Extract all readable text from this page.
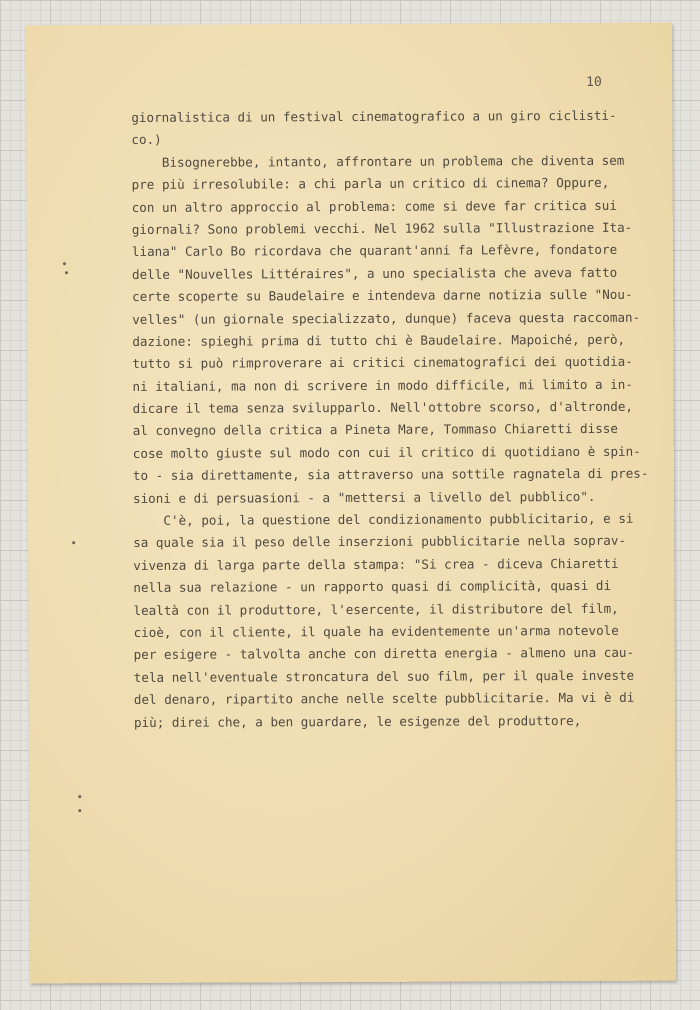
10
giornalistica di un festival cinematografico a un giro ciclisti-
co.)
Bisognerebbe, intanto, affrontare un problema che diventa sem
pre più irresolubile: a chi parla un critico di cinema? Oppure,
con un altro approccio al problema: come si deve far critica sui
giornali? Sono problemi vecchi. Nel 1962 sulla "Illustrazione Ita-
liana" Carlo Bo ricordava che quarant'anni fa Lefèvre, fondatore
delle "Nouvelles Littéraires", a uno specialista che aveva fatto
certe scoperte su Baudelaire e intendeva darne notizia sulle "Nou-
velles" (un giornale specializzato, dunque) faceva questa raccoman-
dazione: spieghi prima di tutto chi è Baudelaire. Mapoiché, però,
tutto si può rimproverare ai critici cinematografici dei quotidia-
ni italiani, ma non di scrivere in modo difficile, mi limito a in-
dicare il tema senza svilupparlo. Nell'ottobre scorso, d'altronde,
al convegno della critica a Pineta Mare, Tommaso Chiaretti disse
cose molto giuste sul modo con cui il critico di quotidiano è spin-
to - sia direttamente, sia attraverso una sottile ragnatela di pres-
sioni e di persuasioni - a "mettersi a livello del pubblico".
C'è, poi, la questione del condizionamento pubblicitario, e si
sa quale sia il peso delle inserzioni pubblicitarie nella soprav-
vivenza di larga parte della stampa: "Si crea - diceva Chiaretti
nella sua relazione - un rapporto quasi di complicità, quasi di
lealtà con il produttore, l'esercente, il distributore del film,
cioè, con il cliente, il quale ha evidentemente un'arma notevole
per esigere - talvolta anche con diretta energia - almeno una cau-
tela nell'eventuale stroncatura del suo film, per il quale investe
del denaro, ripartito anche nelle scelte pubblicitarie. Ma vi è di
più; direi che, a ben guardare, le esigenze del produttore,
